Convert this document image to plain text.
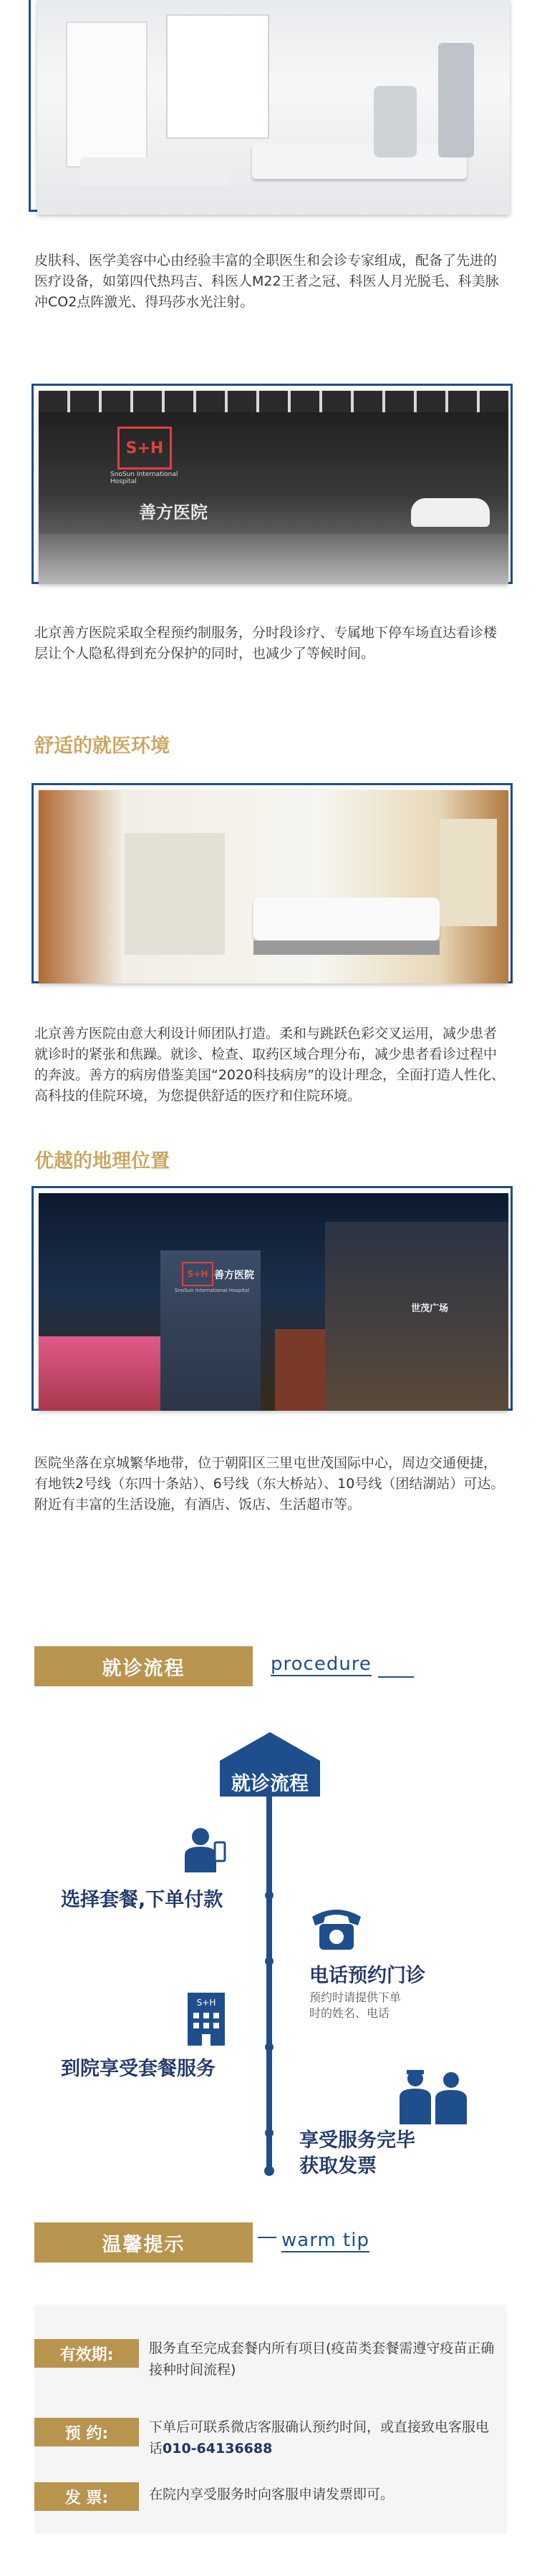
皮肤科、医学美容中心由经验丰富的全职医生和会诊专家组成，配备了先进的医疗设备，如第四代热玛吉、科医人M22王者之冠、科医人月光脱毛、科美脉冲CO2点阵激光、得玛莎水光注射。
S+H
SnoSun International Hospital
善方医院
北京善方医院采取全程预约制服务，分时段诊疗、专属地下停车场直达看诊楼层让个人隐私得到充分保护的同时，也减少了等候时间。
舒适的就医环境
北京善方医院由意大利设计师团队打造。柔和与跳跃色彩交叉运用，减少患者就诊时的紧张和焦躁。就诊、检查、取药区域合理分布，减少患者看诊过程中的奔波。善方的病房借鉴美国“2020科技病房”的设计理念，全面打造人性化、高科技的佳院环境，为您提供舒适的医疗和住院环境。
优越的地理位置
S+H 善方医院
SnoSun International Hospital
世茂广场
医院坐落在京城繁华地带，位于朝阳区三里屯世茂国际中心，周边交通便捷，有地铁2号线（东四十条站）、6号线（东大桥站）、10号线（团结湖站）可达。附近有丰富的生活设施，有酒店、饭店、生活超市等。
就诊流程	procedure
就诊流程
选择套餐,下单付款
电话预约门诊
预约时请提供下单时的姓名、电话
S+H
到院享受套餐服务
享受服务完毕
获取发票
温馨提示	warm tip
有效期:	服务直至完成套餐内所有项目(疫苗类套餐需遵守疫苗正确接种时间流程)
预 约:	下单后可联系微店客服确认预约时间，或直接致电客服电话010-64136688
发 票:	在院内享受服务时向客服申请发票即可。
